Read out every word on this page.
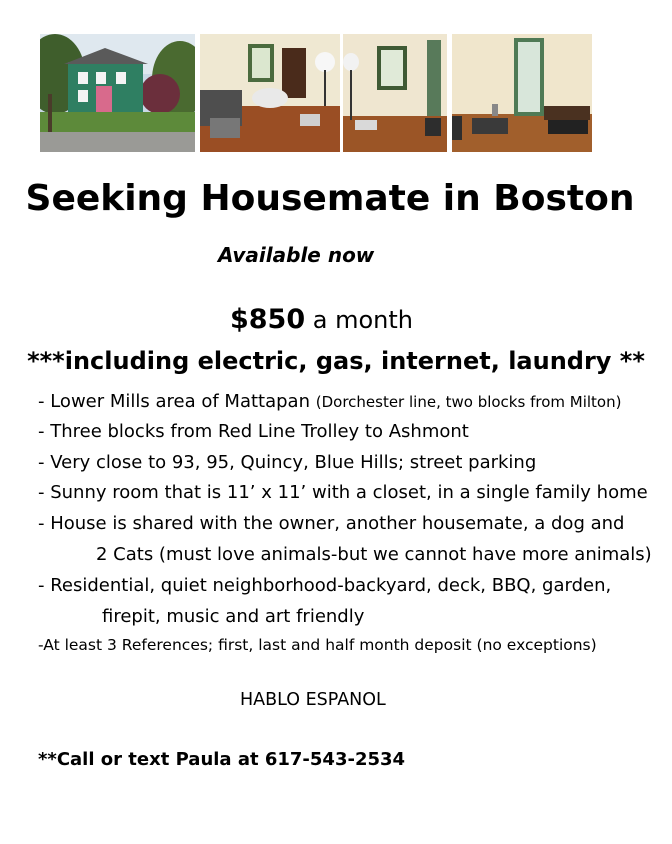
Seeking Housemate in Boston
Available now
$850 a month
***including electric, gas, internet, laundry **
- Lower Mills area of Mattapan (Dorchester line, two blocks from Milton)
- Three blocks from Red Line Trolley to Ashmont
- Very close to 93, 95, Quincy, Blue Hills; street parking
- Sunny room that is 11’ x 11’ with a closet, in a single family home
- House is shared with the owner, another housemate, a dog and
2 Cats (must love animals-but we cannot have more animals)
- Residential, quiet neighborhood-backyard, deck, BBQ, garden,
firepit, music and art friendly
-At least 3 References; first, last and half month deposit (no exceptions)
HABLO ESPANOL
**Call or text Paula at 617-543-2534
